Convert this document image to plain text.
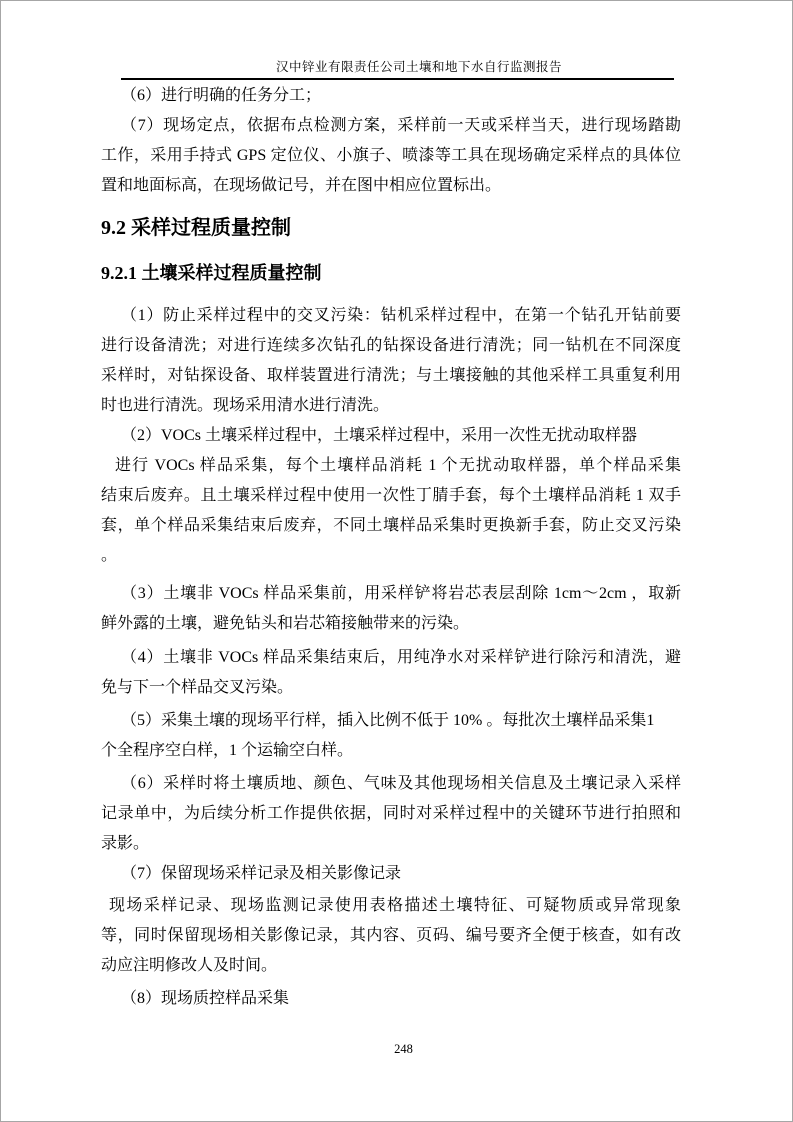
汉中锌业有限责任公司土壤和地下水自行监测报告
（6）进行明确的任务分工；
（7）现场定点，依据布点检测方案，采样前一天或采样当天，进行现场踏勘
工作，采用手持式 GPS 定位仪、小旗子、喷漆等工具在现场确定采样点的具体位
置和地面标高，在现场做记号，并在图中相应位置标出。
9.2 采样过程质量控制
9.2.1 土壤采样过程质量控制
（1）防止采样过程中的交叉污染：钻机采样过程中，在第一个钻孔开钻前要
进行设备清洗；对进行连续多次钻孔的钻探设备进行清洗；同一钻机在不同深度
采样时，对钻探设备、取样装置进行清洗；与土壤接触的其他采样工具重复利用
时也进行清洗。现场采用清水进行清洗。
（2）VOCs 土壤采样过程中，土壤采样过程中，采用一次性无扰动取样器
进行 VOCs 样品采集，每个土壤样品消耗 1 个无扰动取样器，单个样品采集
结束后废弃。且土壤采样过程中使用一次性丁腈手套，每个土壤样品消耗 1 双手
套，单个样品采集结束后废弃，不同土壤样品采集时更换新手套，防止交叉污染
。
（3）土壤非 VOCs 样品采集前，用采样铲将岩芯表层刮除 1cm～2cm ，取新
鲜外露的土壤，避免钻头和岩芯箱接触带来的污染。
（4）土壤非 VOCs 样品采集结束后，用纯净水对采样铲进行除污和清洗，避
免与下一个样品交叉污染。
（5）采集土壤的现场平行样，插入比例不低于 10% 。每批次土壤样品采集1
个全程序空白样，1 个运输空白样。
（6）采样时将土壤质地、颜色、气味及其他现场相关信息及土壤记录入采样
记录单中，为后续分析工作提供依据，同时对采样过程中的关键环节进行拍照和
录影。
（7）保留现场采样记录及相关影像记录
现场采样记录、现场监测记录使用表格描述土壤特征、可疑物质或异常现象
等，同时保留现场相关影像记录，其内容、页码、编号要齐全便于核查，如有改
动应注明修改人及时间。
（8）现场质控样品采集
248
